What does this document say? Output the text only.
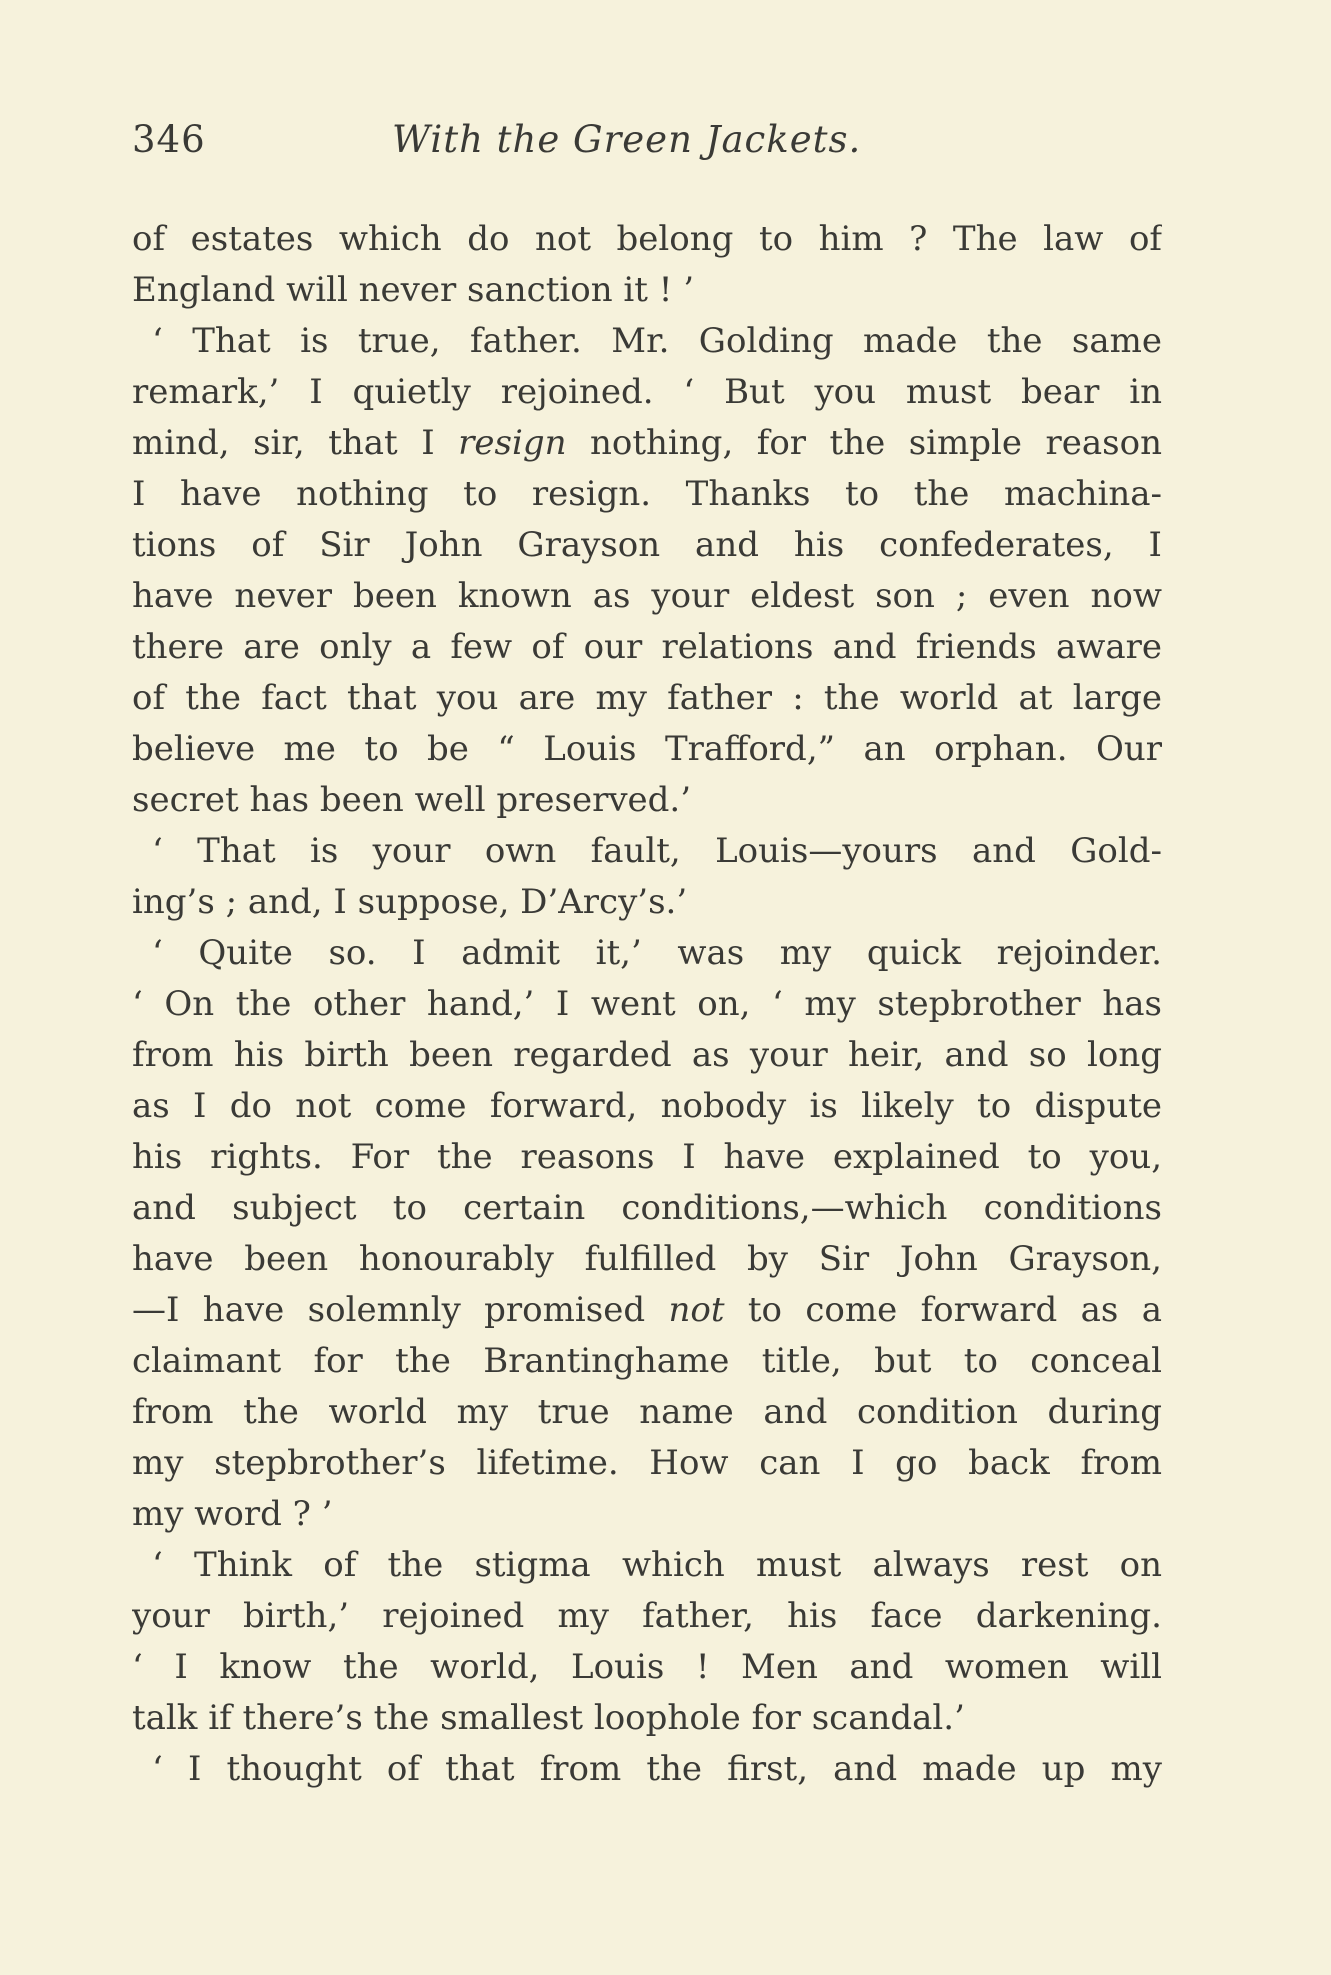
346	With the Green Jackets.
of estates which do not belong to him ? The law of
England will never sanction it ! ’
‘ That is true, father. Mr. Golding made the same
remark,’ I quietly rejoined. ‘ But you must bear in
mind, sir, that I resign nothing, for the simple reason
I have nothing to resign. Thanks to the machina-
tions of Sir John Grayson and his confederates, I
have never been known as your eldest son ; even now
there are only a few of our relations and friends aware
of the fact that you are my father : the world at large
believe me to be “ Louis Trafford,” an orphan. Our
secret has been well preserved.’
‘ That is your own fault, Louis—yours and Gold-
ing’s ; and, I suppose, D’Arcy’s.’
‘ Quite so. I admit it,’ was my quick rejoinder.
‘ On the other hand,’ I went on, ‘ my stepbrother has
from his birth been regarded as your heir, and so long
as I do not come forward, nobody is likely to dispute
his rights. For the reasons I have explained to you,
and subject to certain conditions,—which conditions
have been honourably fulfilled by Sir John Grayson,
—I have solemnly promised not to come forward as a
claimant for the Brantinghame title, but to conceal
from the world my true name and condition during
my stepbrother’s lifetime. How can I go back from
my word ? ’
‘ Think of the stigma which must always rest on
your birth,’ rejoined my father, his face darkening.
‘ I know the world, Louis ! Men and women will
talk if there’s the smallest loophole for scandal.’
‘ I thought of that from the first, and made up my
